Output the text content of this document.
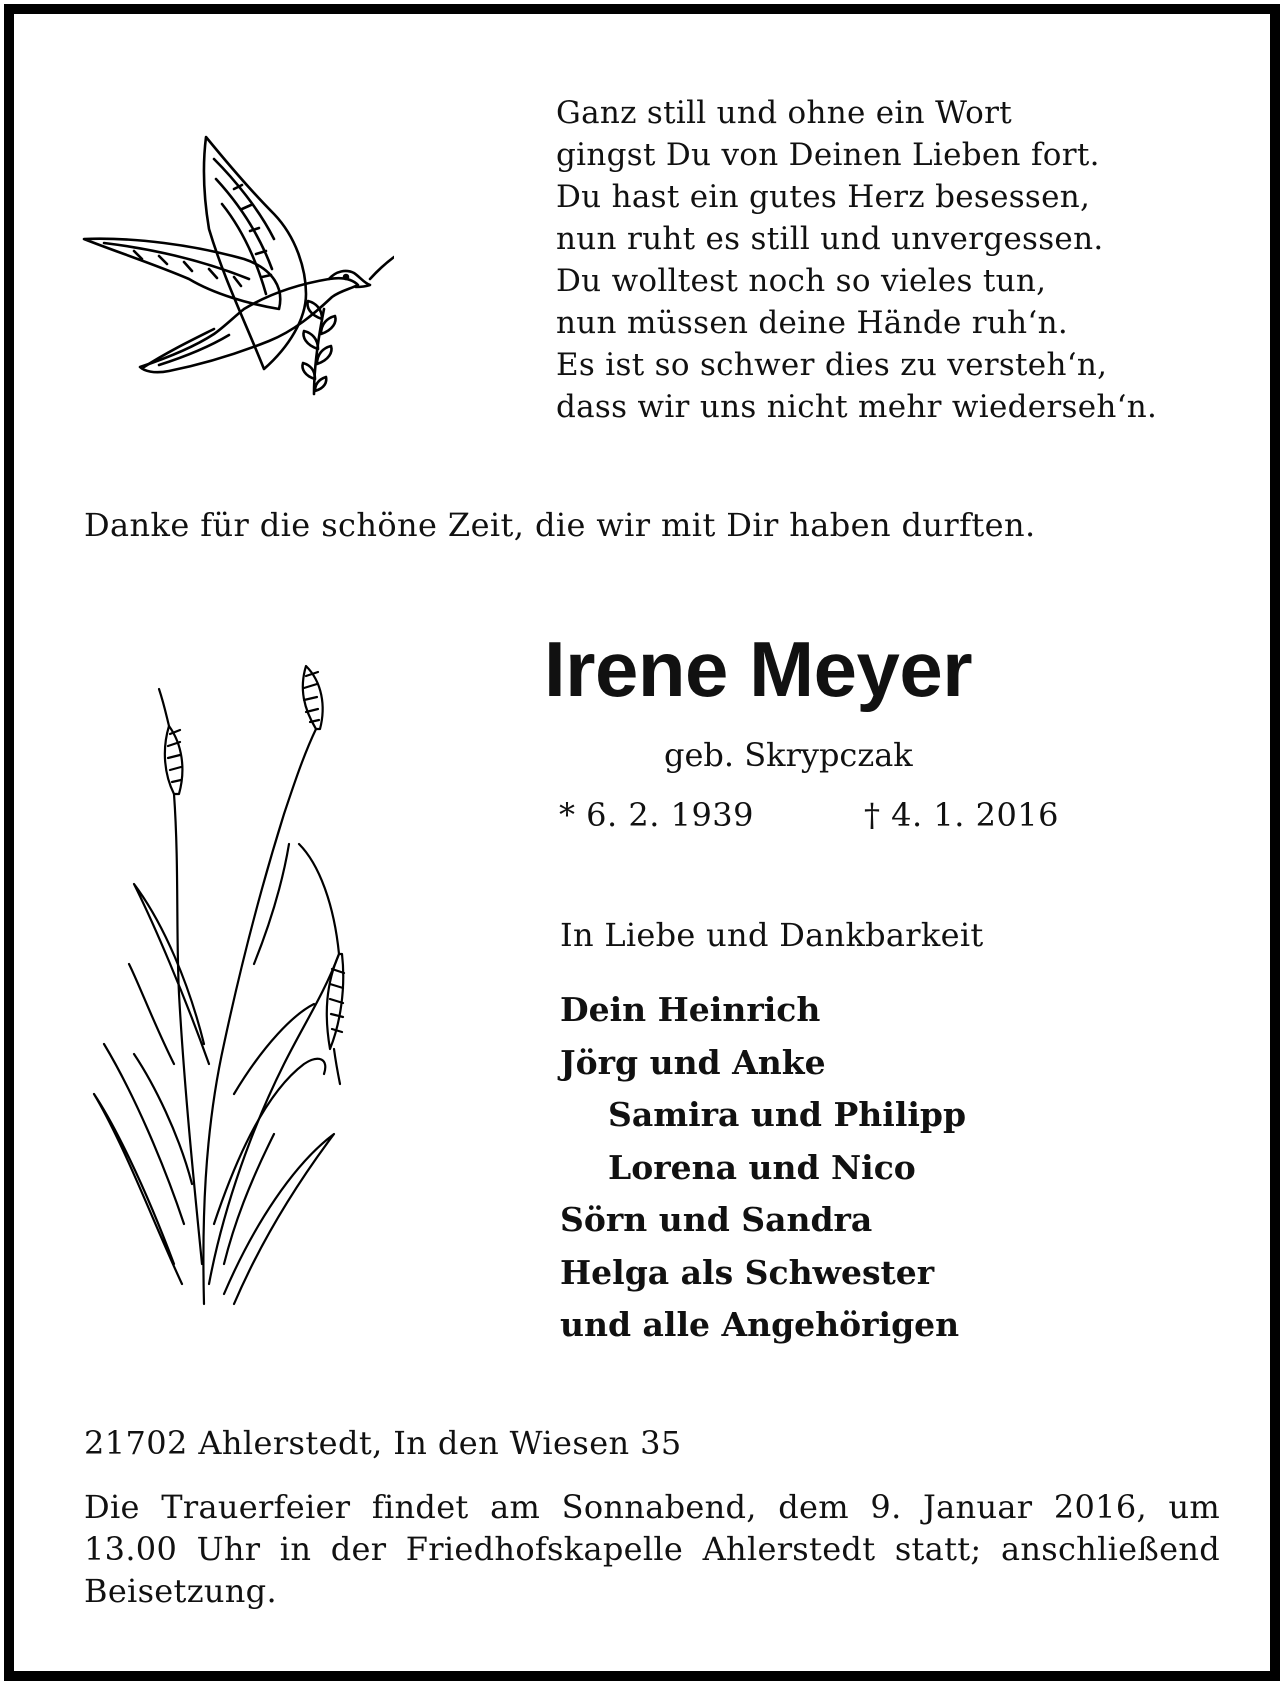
Ganz still und ohne ein Wort
gingst Du von Deinen Lieben fort.
Du hast ein gutes Herz besessen,
nun ruht es still und unvergessen.
Du wolltest noch so vieles tun,
nun müssen deine Hände ruh‘n.
Es ist so schwer dies zu versteh‘n,
dass wir uns nicht mehr wiederseh‘n.
Danke für die schöne Zeit, die wir mit Dir haben durften.
Irene Meyer
geb. Skrypczak
* 6. 2. 1939	† 4. 1. 2016
In Liebe und Dankbarkeit
Dein Heinrich
Jörg und Anke
Samira und Philipp
Lorena und Nico
Sörn und Sandra
Helga als Schwester
und alle Angehörigen
21702 Ahlerstedt, In den Wiesen 35
Die Trauerfeier findet am Sonnabend, dem 9. Januar 2016, um 13.00 Uhr in der Friedhofskapelle Ahlerstedt statt; anschließend Beisetzung.
